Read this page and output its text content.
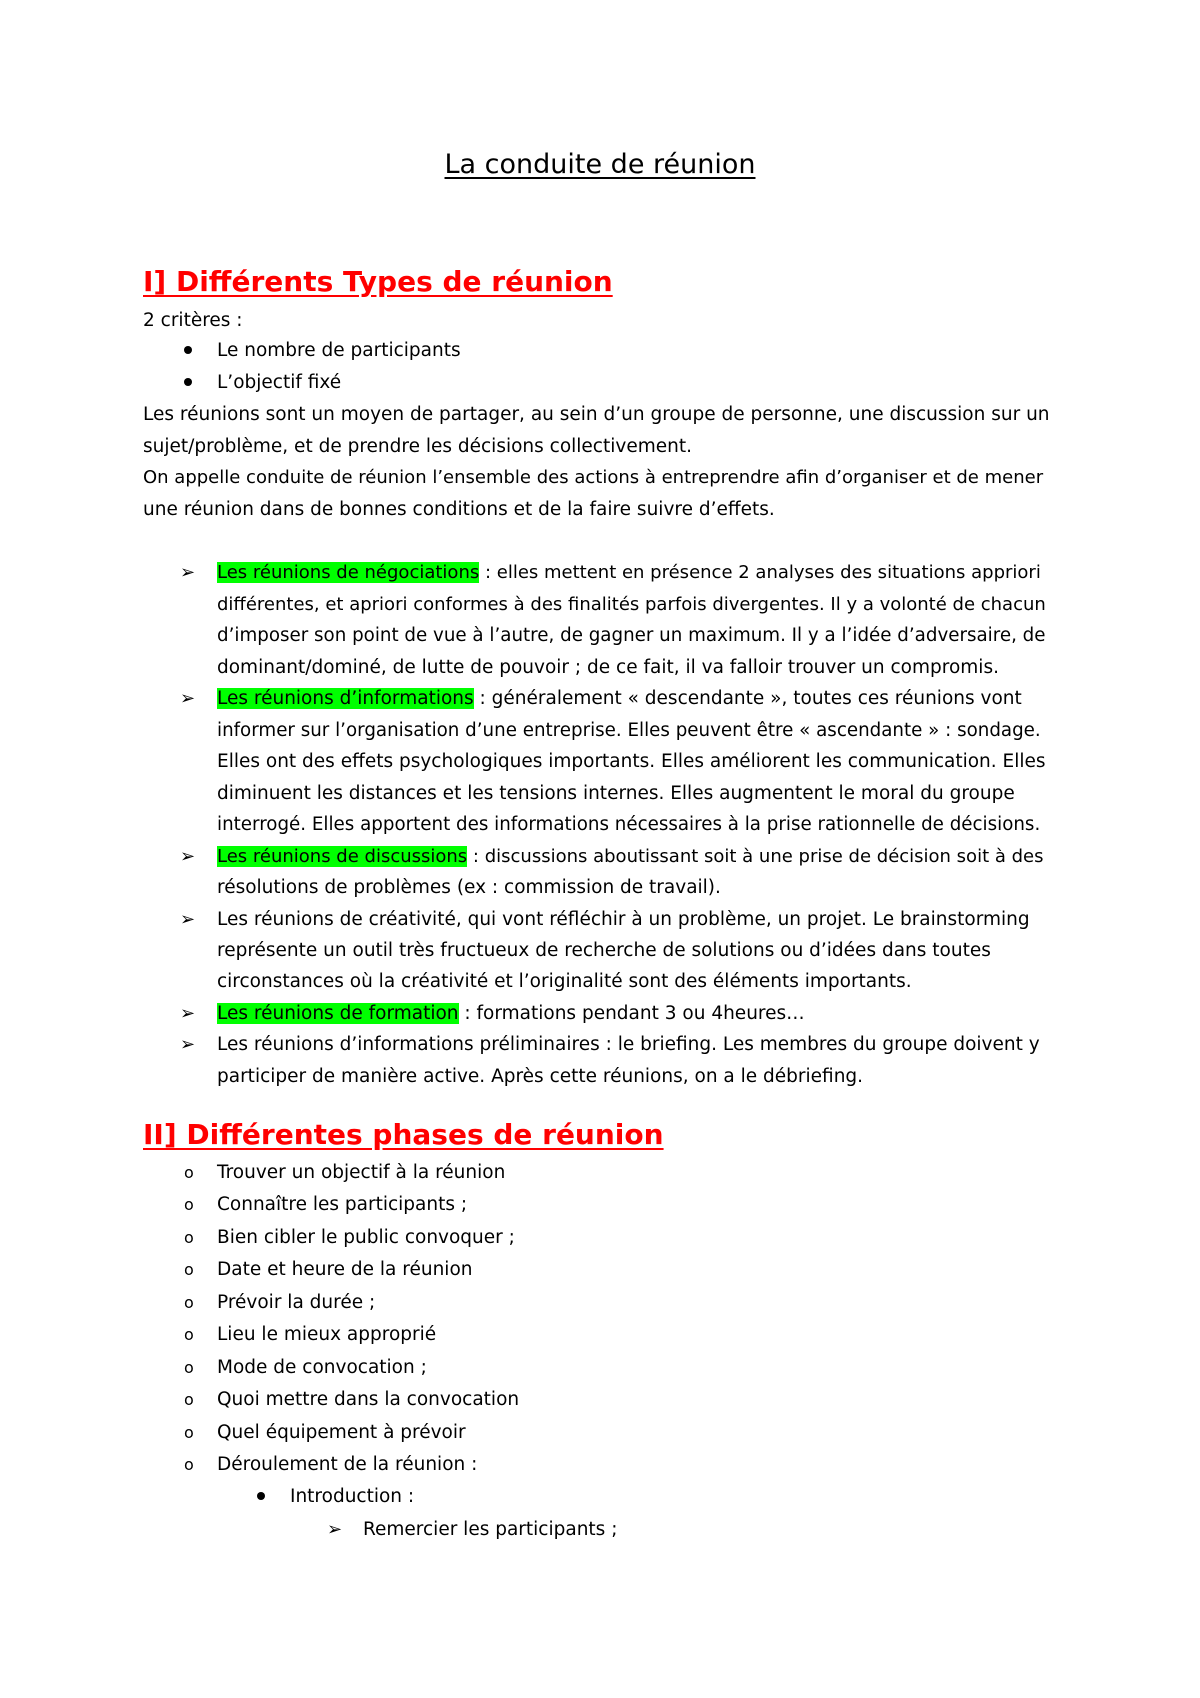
La conduite de réunion
I] Différents Types de réunion
2 critères :
Le nombre de participants
L’objectif fixé
Les réunions sont un moyen de partager, au sein d’un groupe de personne, une discussion sur un
sujet/problème, et de prendre les décisions collectivement.
On appelle conduite de réunion l’ensemble des actions à entreprendre afin d’organiser et de mener
une réunion dans de bonnes conditions et de la faire suivre d’effets.
➢ Les réunions de négociations : elles mettent en présence 2 analyses des situations appriori
différentes, et apriori conformes à des finalités parfois divergentes. Il y a volonté de chacun
d’imposer son point de vue à l’autre, de gagner un maximum. Il y a l’idée d’adversaire, de
dominant/dominé, de lutte de pouvoir ; de ce fait, il va falloir trouver un compromis.
➢ Les réunions d’informations : généralement « descendante », toutes ces réunions vont
informer sur l’organisation d’une entreprise. Elles peuvent être « ascendante » : sondage.
Elles ont des effets psychologiques importants. Elles améliorent les communication. Elles
diminuent les distances et les tensions internes. Elles augmentent le moral du groupe
interrogé. Elles apportent des informations nécessaires à la prise rationnelle de décisions.
➢ Les réunions de discussions : discussions aboutissant soit à une prise de décision soit à des
résolutions de problèmes (ex : commission de travail).
➢ Les réunions de créativité, qui vont réfléchir à un problème, un projet. Le brainstorming
représente un outil très fructueux de recherche de solutions ou d’idées dans toutes
circonstances où la créativité et l’originalité sont des éléments importants.
➢ Les réunions de formation : formations pendant 3 ou 4heures…
➢ Les réunions d’informations préliminaires : le briefing. Les membres du groupe doivent y
participer de manière active. Après cette réunions, on a le débriefing.
II] Différentes phases de réunion
o Trouver un objectif à la réunion
o Connaître les participants ;
o Bien cibler le public convoquer ;
o Date et heure de la réunion
o Prévoir la durée ;
o Lieu le mieux approprié
o Mode de convocation ;
o Quoi mettre dans la convocation
o Quel équipement à prévoir
o Déroulement de la réunion :
Introduction :
➢ Remercier les participants ;
